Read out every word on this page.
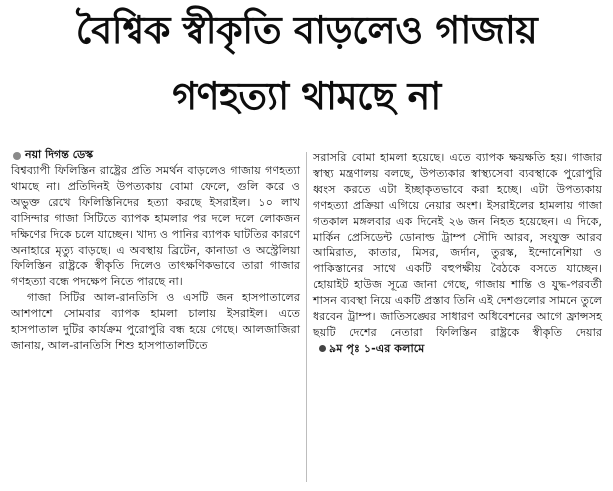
বৈশ্বিক স্বীকৃতি বাড়লেও গাজায়
গণহত্যা থামছে না
নয়া দিগন্ত ডেস্ক

বিশ্বব্যাপী ফিলিস্তিন রাষ্ট্রের প্রতি সমর্থন বাড়লেও গাজায় গণহত্যা থামছে না। প্রতিদিনই উপত্যকায় বোমা ফেলে, গুলি করে ও অভুক্ত রেখে ফিলিস্তিনিদের হত্যা করছে ইসরাইল। ১০ লাখ বাসিন্দার গাজা সিটিতে ব্যাপক হামলার পর দলে দলে লোকজন দক্ষিণের দিকে চলে যাচ্ছেন। খাদ্য ও পানির ব্যাপক ঘাটতির কারণে অনাহারে মৃত্যু বাড়ছে। এ অবস্থায় ব্রিটেন, কানাডা ও অস্ট্রেলিয়া ফিলিস্তিন রাষ্ট্রকে স্বীকৃতি দিলেও তাৎক্ষণিকভাবে তারা গাজার গণহত্যা বন্ধে পদক্ষেপ নিতে পারছে না।

গাজা সিটির আল-রানতিসি ও এসটি জন হাসপাতালের আশপাশে সোমবার ব্যাপক হামলা চালায় ইসরাইল। এতে হাসপাতাল দুটির কার্যক্রম পুরোপুরি বন্ধ হয়ে গেছে। আলজাজিরা জানায়, আল-রানতিসি শিশু হাসপাতালটিতে

সরাসরি বোমা হামলা হয়েছে। এতে ব্যাপক ক্ষয়ক্ষতি হয়। গাজার স্বাস্থ্য মন্ত্রণালয় বলছে, উপত্যকার স্বাস্থ্যসেবা ব্যবস্থাকে পুরোপুরি ধ্বংস করতে এটা ইচ্ছাকৃতভাবে করা হচ্ছে। এটা উপত্যকায় গণহত্যা প্রক্রিয়া এগিয়ে নেয়ার অংশ। ইসরাইলের হামলায় গাজা গতকাল মঙ্গলবার এক দিনেই ২৬ জন নিহত হয়েছেন। এ দিকে, মার্কিন প্রেসিডেন্ট ডোনাল্ড ট্রাম্প সৌদি আরব, সংযুক্ত আরব আমিরাত, কাতার, মিসর, জর্দান, তুরস্ক, ইন্দোনেশিয়া ও পাকিস্তানের সাথে একটি বহুপক্ষীয় বৈঠকে বসতে যাচ্ছেন। হোয়াইট হাউজ সূত্রে জানা গেছে, গাজায় শান্তি ও যুদ্ধ-পরবর্তী শাসন ব্যবস্থা নিয়ে একটি প্রস্তাব তিনি এই দেশগুলোর সামনে তুলে ধরবেন ট্রাম্প। জাতিসঙ্ঘের সাধারণ অধিবেশনের আগে ফ্রান্সসহ ছয়টি দেশের নেতারা ফিলিস্তিন রাষ্ট্রকে স্বীকৃতি দেয়ার
৯ম পৃঃ ১-এর কলামে
